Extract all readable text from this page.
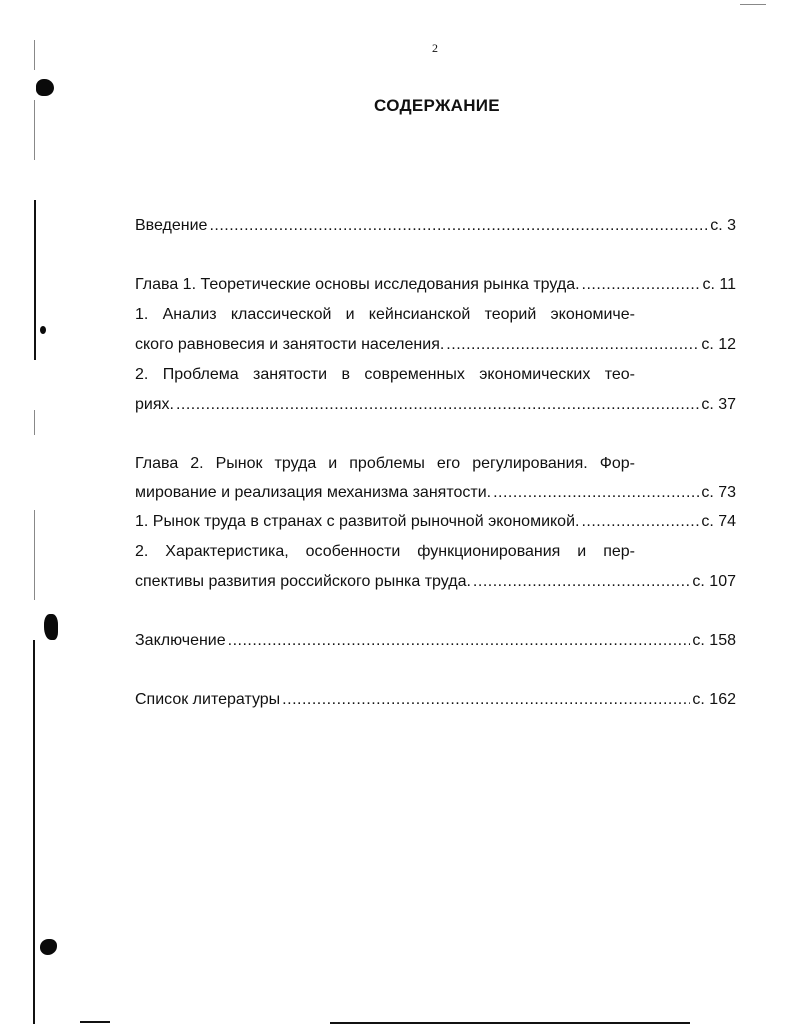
2
СОДЕРЖАНИЕ
Введение .....	с. 3
Глава 1. Теоретические основы исследования рынка труда. .....	с. 11
1. Анализ классической и кейнсианской теорий экономиче-
ского равновесия и занятости населения. .....	с. 12
2. Проблема занятости в современных экономических тео-
риях. .....	с. 37
Глава 2. Рынок труда и проблемы его регулирования. Фор-
мирование и реализация механизма занятости. .....	с. 73
1. Рынок труда в странах с развитой рыночной экономикой. .....	с. 74
2. Характеристика, особенности функционирования и пер-
спективы развития российского рынка труда. .....	с. 107
Заключение .....	с. 158
Список литературы .....	с. 162
